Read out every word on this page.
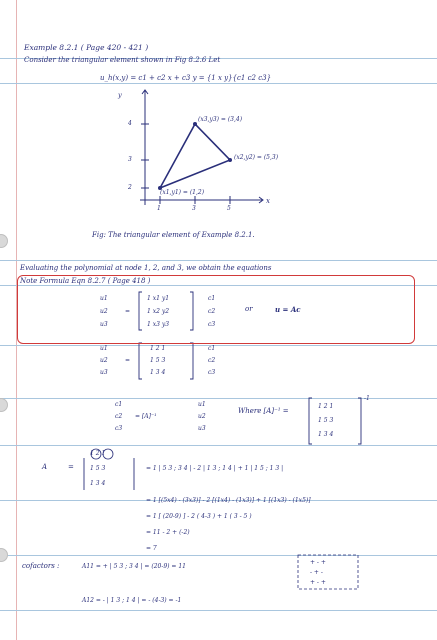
Example 8.2.1 ( Page 420 - 421 )
Consider the triangular element shown in Fig 8.2.6 Let
u_h(x,y) = c1 + c2 x + c3 y = {1 x y}{c1 c2 c3}
y
x
1	3	5
2
3
4
(x1,y1) = (1,2)
(x2,y2) = (5,3)
(x3,y3) = (3,4)
Fig: The triangular element of Example 8.2.1.
Evaluating the polynomial at node 1, 2, and 3, we obtain the equations
Note Formula Eqn 8.2.7 ( Page 418 )
u1
u2
u3
=
1 x1 y1
1 x2 y2
1 x3 y3
c1
c2
c3
or	u = Ac
u1
u2
u3
=
1 2 1
1 5 3
1 3 4
c1
c2
c3
c1
c2
c3
= [A]⁻¹
u1
u2
u3
Where [A]⁻¹ =
1 2 1
1 5 3
1 3 4
-1
A	=
1 2 1
1 5 3
1 3 4
= 1 | 5 3 ; 3 4 | - 2 | 1 3 ; 1 4 | + 1 | 1 5 ; 1 3 |
= 1 [(5x4) - (3x3)] - 2 [(1x4) - (1x3)] + 1 [(1x3) - (1x5)]
= 1 [ (20-9) ] - 2 ( 4-3 ) + 1 ( 3 - 5 )
= 11 - 2 + (-2)
= 7
cofactors :	A11 = + | 5 3 ; 3 4 | = (20-9) = 11
A12 = - | 1 3 ; 1 4 | = - (4-3) = -1
+ - +
- + -
+ - +
